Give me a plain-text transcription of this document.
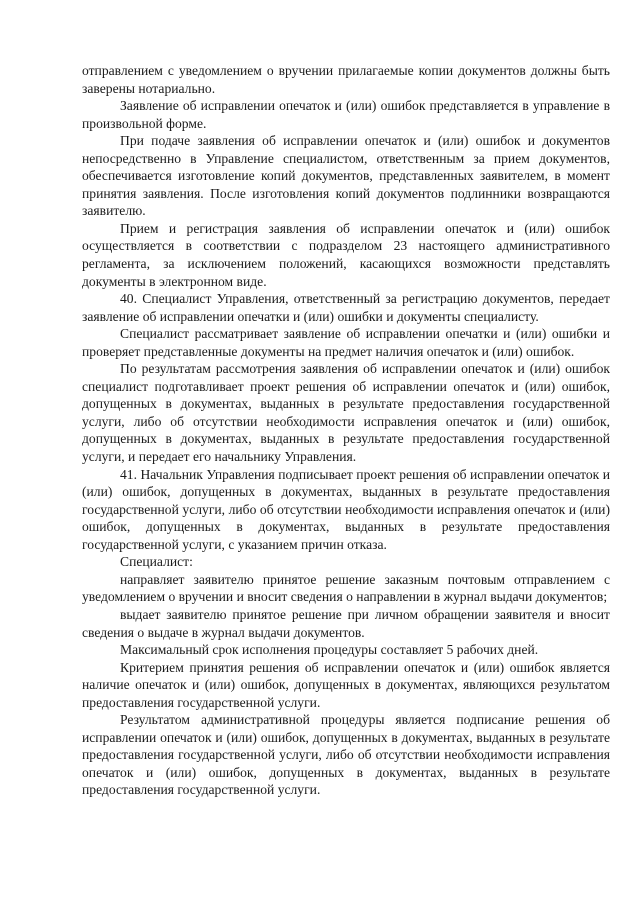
отправлением с уведомлением о вручении прилагаемые копии документов должны быть заверены нотариально.

Заявление об исправлении опечаток и (или) ошибок представляется в управление в произвольной форме.

При подаче заявления об исправлении опечаток и (или) ошибок и документов непосредственно в Управление специалистом, ответственным за прием документов, обеспечивается изготовление копий документов, представленных заявителем, в момент принятия заявления. После изготовления копий документов подлинники возвращаются заявителю.

Прием и регистрация заявления об исправлении опечаток и (или) ошибок осуществляется в соответствии с подразделом 23 настоящего административного регламента, за исключением положений, касающихся возможности представлять документы в электронном виде.

40. Специалист Управления, ответственный за регистрацию документов, передает заявление об исправлении опечатки и (или) ошибки и документы специалисту.

Специалист рассматривает заявление об исправлении опечатки и (или) ошибки и проверяет представленные документы на предмет наличия опечаток и (или) ошибок.

По результатам рассмотрения заявления об исправлении опечаток и (или) ошибок специалист подготавливает проект решения об исправлении опечаток и (или) ошибок, допущенных в документах, выданных в результате предоставления государственной услуги, либо об отсутствии необходимости исправления опечаток и (или) ошибок, допущенных в документах, выданных в результате предоставления государственной услуги, и передает его начальнику Управления.

41. Начальник Управления подписывает проект решения об исправлении опечаток и (или) ошибок, допущенных в документах, выданных в результате предоставления государственной услуги, либо об отсутствии необходимости исправления опечаток и (или) ошибок, допущенных в документах, выданных в результате предоставления государственной услуги, с указанием причин отказа.

Специалист:

направляет заявителю принятое решение заказным почтовым отправлением с уведомлением о вручении и вносит сведения о направлении в журнал выдачи документов;

выдает заявителю принятое решение при личном обращении заявителя и вносит сведения о выдаче в журнал выдачи документов.

Максимальный срок исполнения процедуры составляет 5 рабочих дней.

Критерием принятия решения об исправлении опечаток и (или) ошибок является наличие опечаток и (или) ошибок, допущенных в документах, являющихся результатом предоставления государственной услуги.

Результатом административной процедуры является подписание решения об исправлении опечаток и (или) ошибок, допущенных в документах, выданных в результате предоставления государственной услуги, либо об отсутствии необходимости исправления опечаток и (или) ошибок, допущенных в документах, выданных в результате предоставления государственной услуги.
